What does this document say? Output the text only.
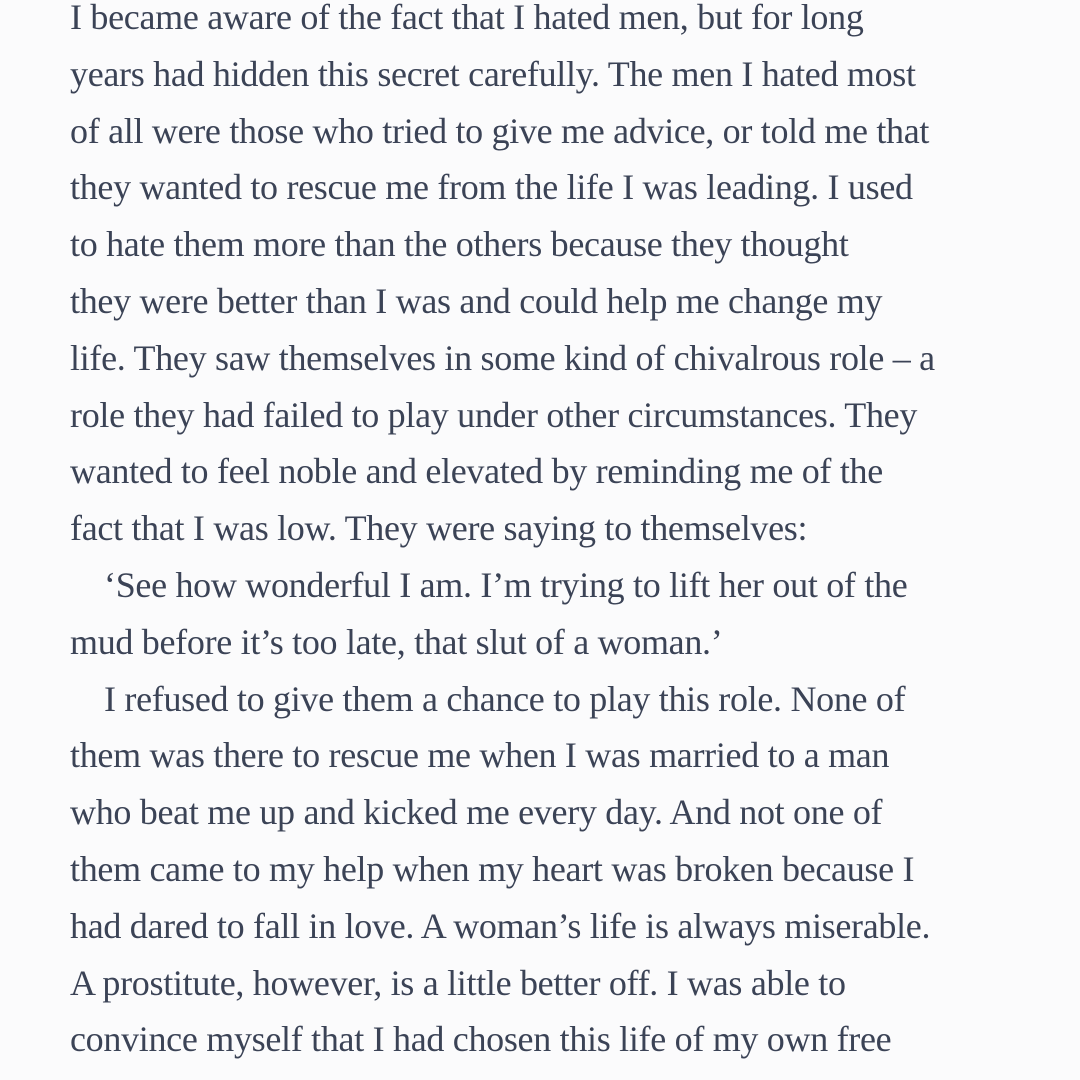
I became aware of the fact that I hated men, but for long
years had hidden this secret carefully. The men I hated most
of all were those who tried to give me advice, or told me that
they wanted to rescue me from the life I was leading. I used
to hate them more than the others because they thought
they were better than I was and could help me change my
life. They saw themselves in some kind of chivalrous role – a
role they had failed to play under other circumstances. They
wanted to feel noble and elevated by reminding me of the
fact that I was low. They were saying to themselves:
‘See how wonderful I am. I’m trying to lift her out of the
mud before it’s too late, that slut of a woman.’
I refused to give them a chance to play this role. None of
them was there to rescue me when I was married to a man
who beat me up and kicked me every day. And not one of
them came to my help when my heart was broken because I
had dared to fall in love. A woman’s life is always miserable.
A prostitute, however, is a little better off. I was able to
convince myself that I had chosen this life of my own free
